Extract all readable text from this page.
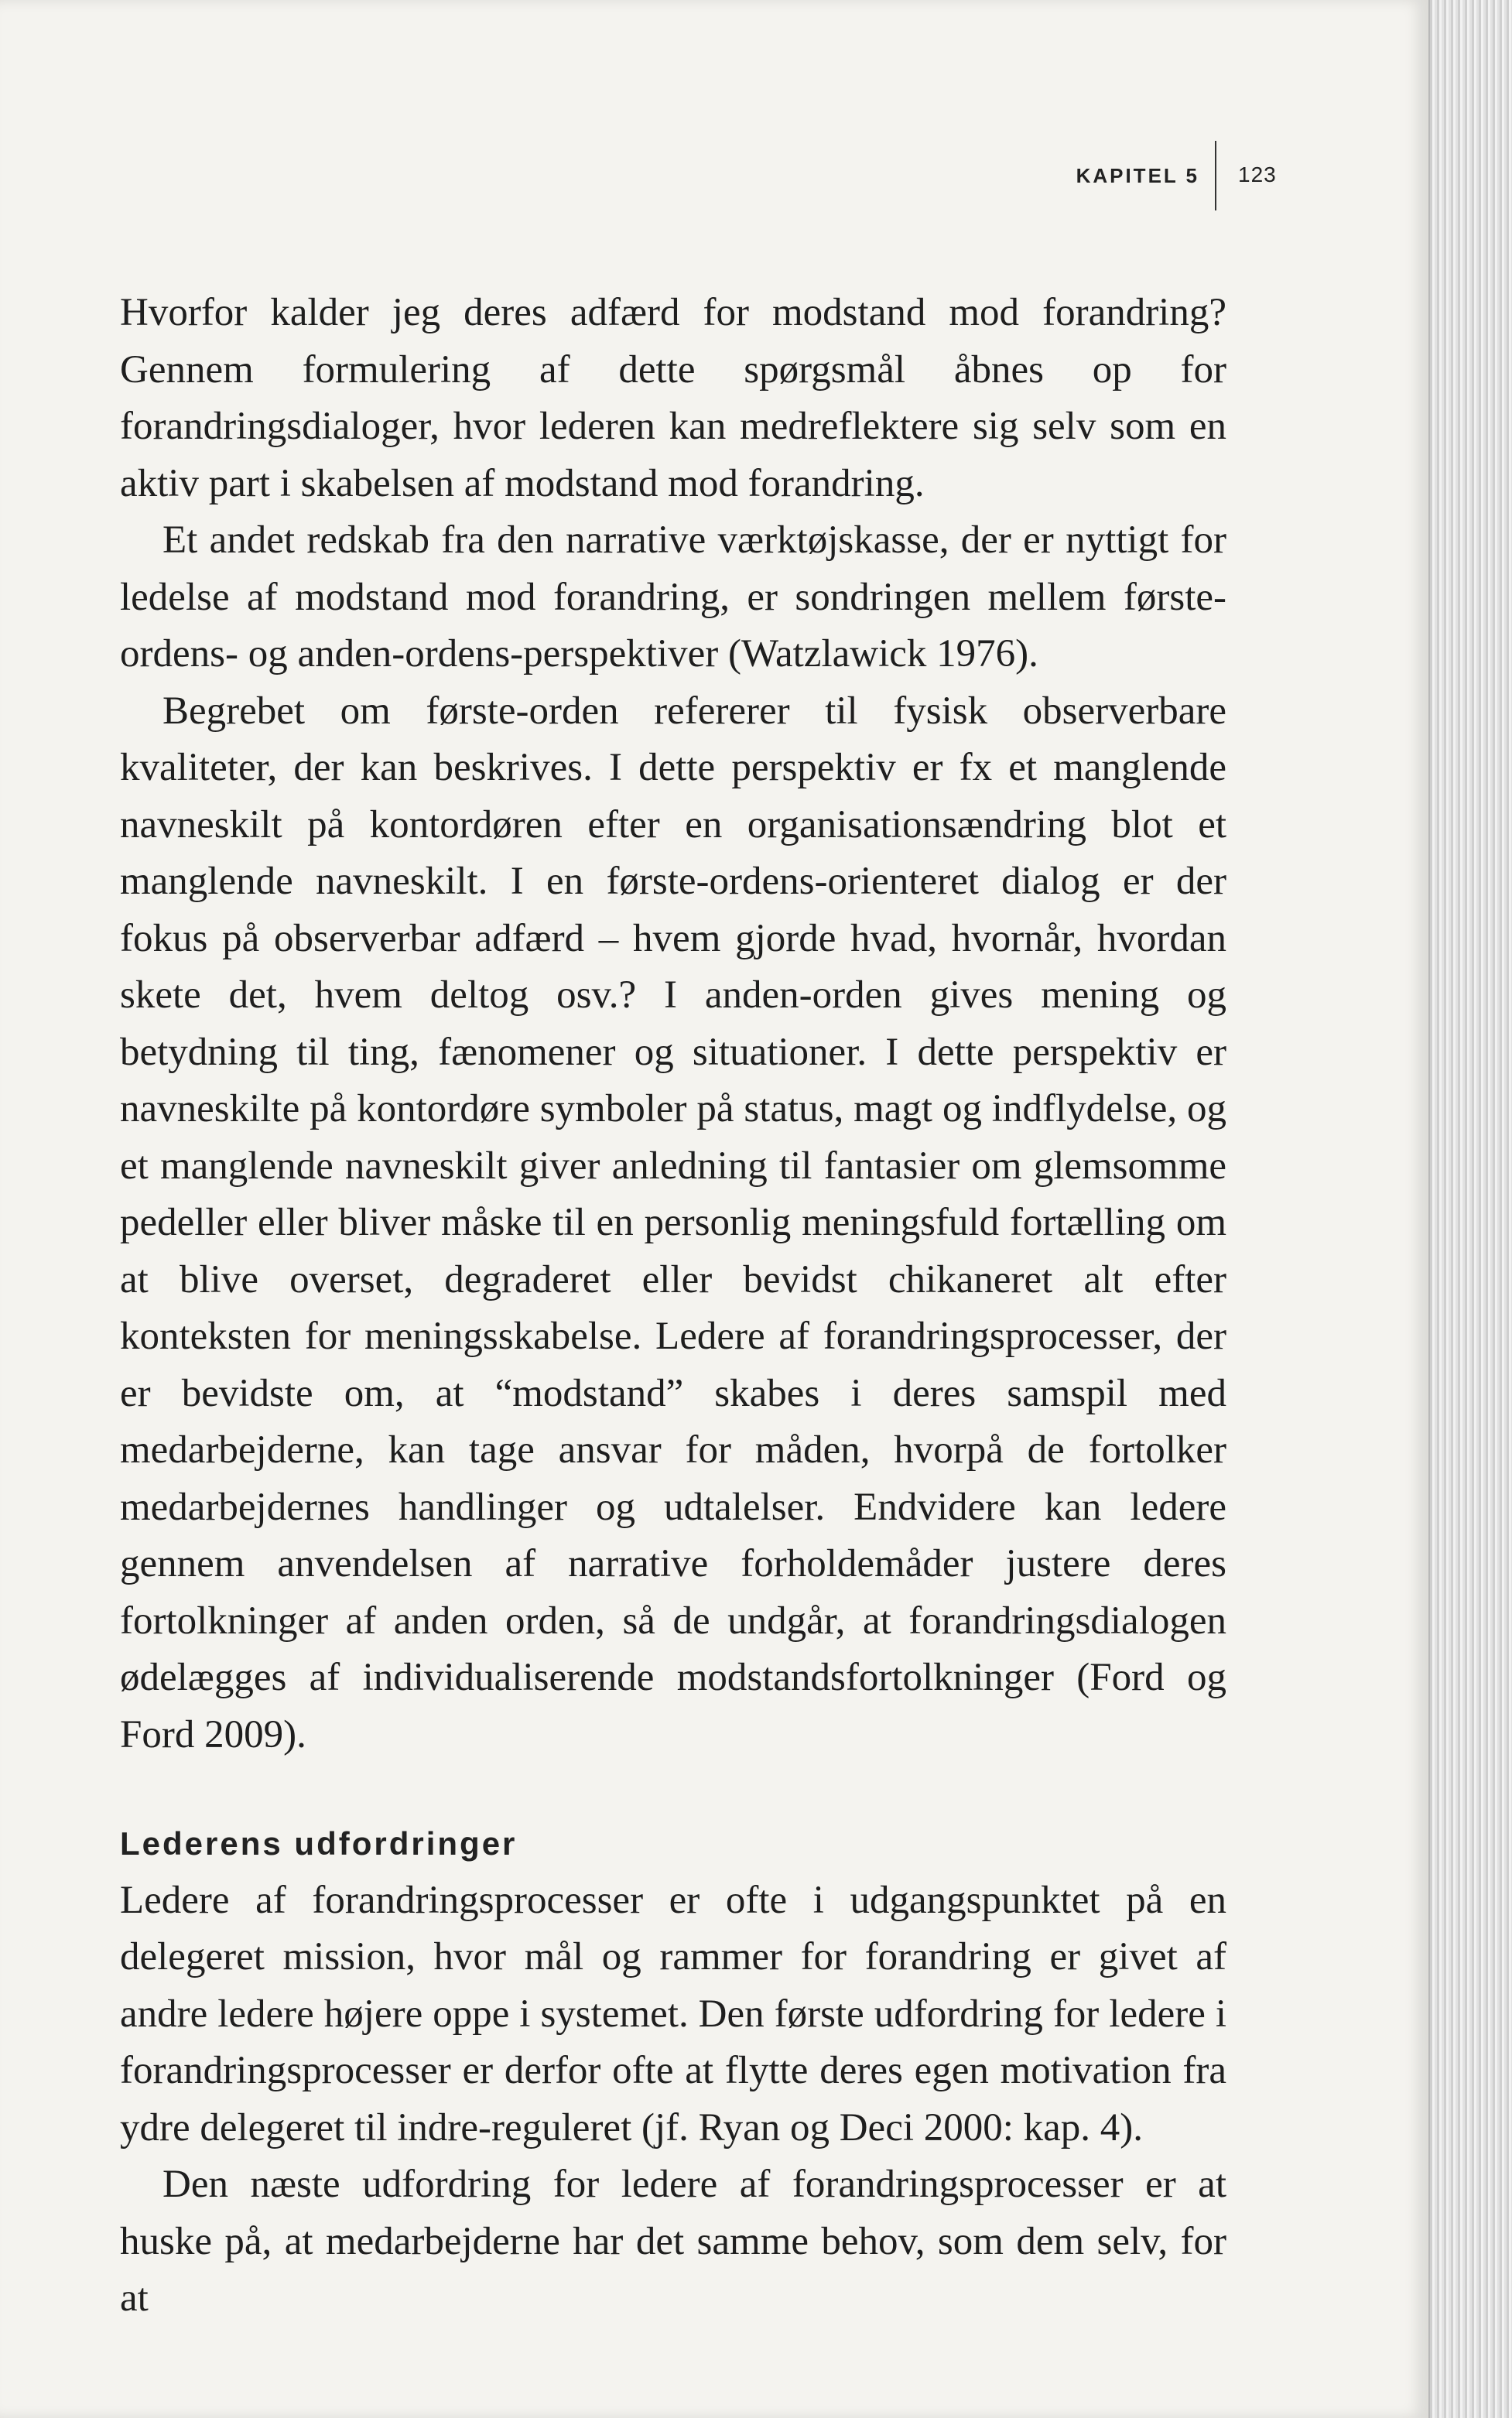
KAPITEL 5 123

Hvorfor kalder jeg deres adfærd for modstand mod forandring? Gennem formulering af dette spørgsmål åbnes op for forandringsdialoger, hvor lederen kan medreflektere sig selv som en aktiv part i skabelsen af modstand mod forandring.

Et andet redskab fra den narrative værktøjskasse, der er nyttigt for ledelse af modstand mod forandring, er sondringen mellem første-ordens- og anden-ordens-perspektiver (Watzlawick 1976).

Begrebet om første-orden refererer til fysisk observerbare kvaliteter, der kan beskrives. I dette perspektiv er fx et manglende navneskilt på kontordøren efter en organisationsændring blot et manglende navneskilt. I en første-ordens-orienteret dialog er der fokus på observerbar adfærd – hvem gjorde hvad, hvornår, hvordan skete det, hvem deltog osv.? I anden-orden gives mening og betydning til ting, fænomener og situationer. I dette perspektiv er navneskilte på kontordøre symboler på status, magt og indflydelse, og et manglende navneskilt giver anledning til fantasier om glemsomme pedeller eller bliver måske til en personlig meningsfuld fortælling om at blive overset, degraderet eller bevidst chikaneret alt efter konteksten for meningsskabelse. Ledere af forandringsprocesser, der er bevidste om, at “modstand” skabes i deres samspil med medarbejderne, kan tage ansvar for måden, hvorpå de fortolker medarbejdernes handlinger og udtalelser. Endvidere kan ledere gennem anvendelsen af narrative forholdemåder justere deres fortolkninger af anden orden, så de undgår, at forandringsdialogen ødelægges af individualiserende modstandsfortolkninger (Ford og Ford 2009).

Lederens udfordringer

Ledere af forandringsprocesser er ofte i udgangspunktet på en delegeret mission, hvor mål og rammer for forandring er givet af andre ledere højere oppe i systemet. Den første udfordring for ledere i forandringsprocesser er derfor ofte at flytte deres egen motivation fra ydre delegeret til indre-reguleret (jf. Ryan og Deci 2000: kap. 4).

Den næste udfordring for ledere af forandringsprocesser er at huske på, at medarbejderne har det samme behov, som dem selv, for at
